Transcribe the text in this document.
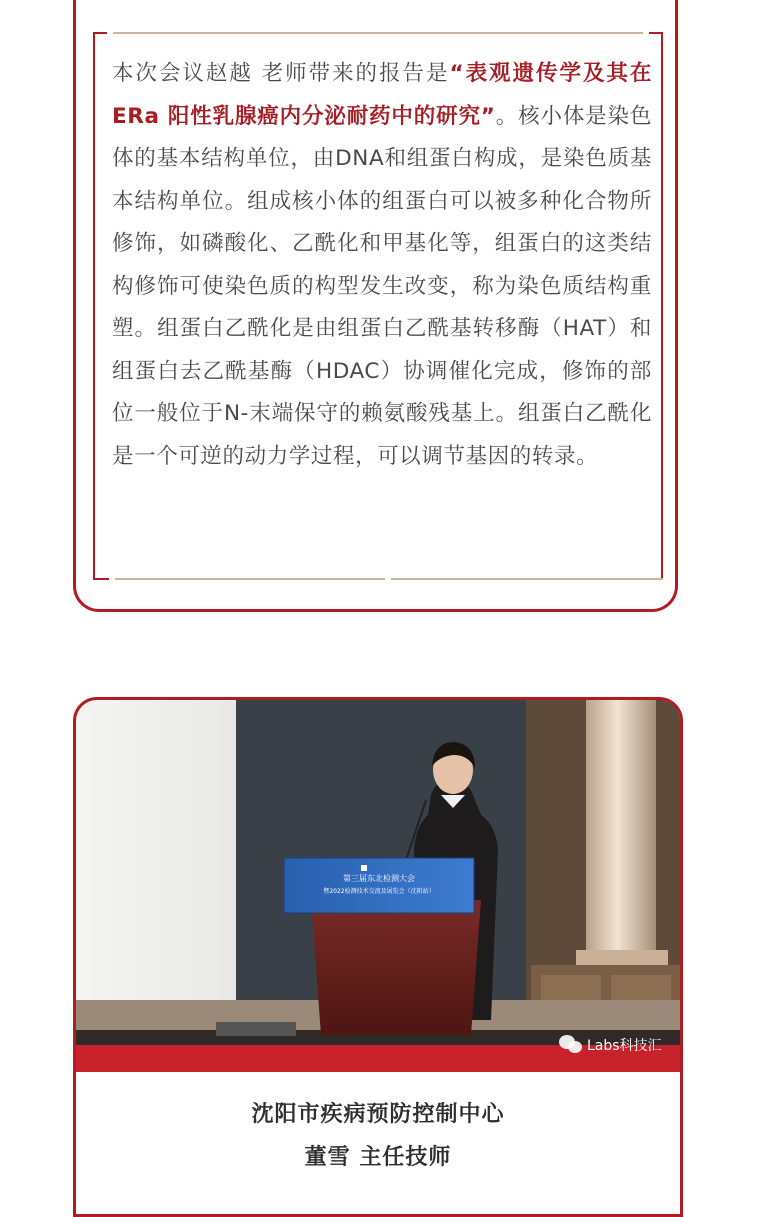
本次会议赵越 老师带来的报告是“表观遗传学及其在ERa 阳性乳腺癌内分泌耐药中的研究”。核小体是染色体的基本结构单位，由DNA和组蛋白构成，是染色质基本结构单位。组成核小体的组蛋白可以被多种化合物所修饰，如磷酸化、乙酰化和甲基化等，组蛋白的这类结构修饰可使染色质的构型发生改变，称为染色质结构重塑。组蛋白乙酰化是由组蛋白乙酰基转移酶（HAT）和组蛋白去乙酰基酶（HDAC）协调催化完成，修饰的部位一般位于N-末端保守的赖氨酸残基上。组蛋白乙酰化是一个可逆的动力学过程，可以调节基因的转录。
第三届东北检测大会
暨2022检测技术交流及展览会（沈阳站）
Labs科技汇
沈阳市疾病预防控制中心
董雪 主任技师
